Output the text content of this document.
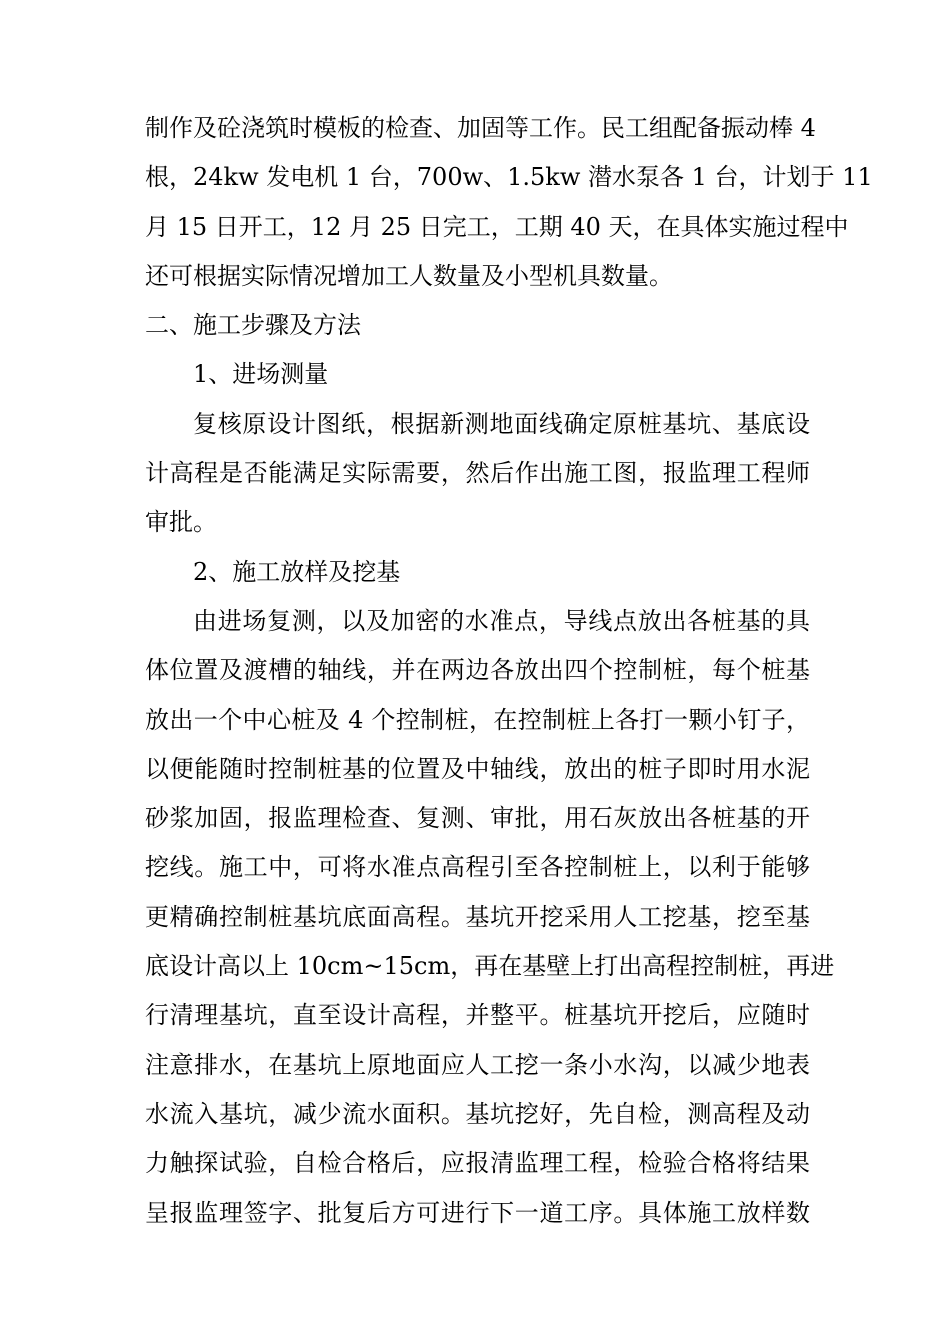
制作及砼浇筑时模板的检查、加固等工作。民工组配备振动棒 4
根，24kw 发电机 1 台，700w、1.5kw 潜水泵各 1 台，计划于 11
月 15 日开工，12 月 25 日完工，工期 40 天，在具体实施过程中
还可根据实际情况增加工人数量及小型机具数量。
二、施工步骤及方法
1、进场测量
复核原设计图纸，根据新测地面线确定原桩基坑、基底设
计高程是否能满足实际需要，然后作出施工图，报监理工程师
审批。
2、施工放样及挖基
由进场复测，以及加密的水准点，导线点放出各桩基的具
体位置及渡槽的轴线，并在两边各放出四个控制桩，每个桩基
放出一个中心桩及 4 个控制桩，在控制桩上各打一颗小钉子，
以便能随时控制桩基的位置及中轴线，放出的桩子即时用水泥
砂浆加固，报监理检查、复测、审批，用石灰放出各桩基的开
挖线。施工中，可将水准点高程引至各控制桩上，以利于能够
更精确控制桩基坑底面高程。基坑开挖采用人工挖基，挖至基
底设计高以上 10cm~15cm，再在基壁上打出高程控制桩，再进
行清理基坑，直至设计高程，并整平。桩基坑开挖后，应随时
注意排水，在基坑上原地面应人工挖一条小水沟，以减少地表
水流入基坑，减少流水面积。基坑挖好，先自检，测高程及动
力触探试验，自检合格后，应报清监理工程，检验合格将结果
呈报监理签字、批复后方可进行下一道工序。具体施工放样数
